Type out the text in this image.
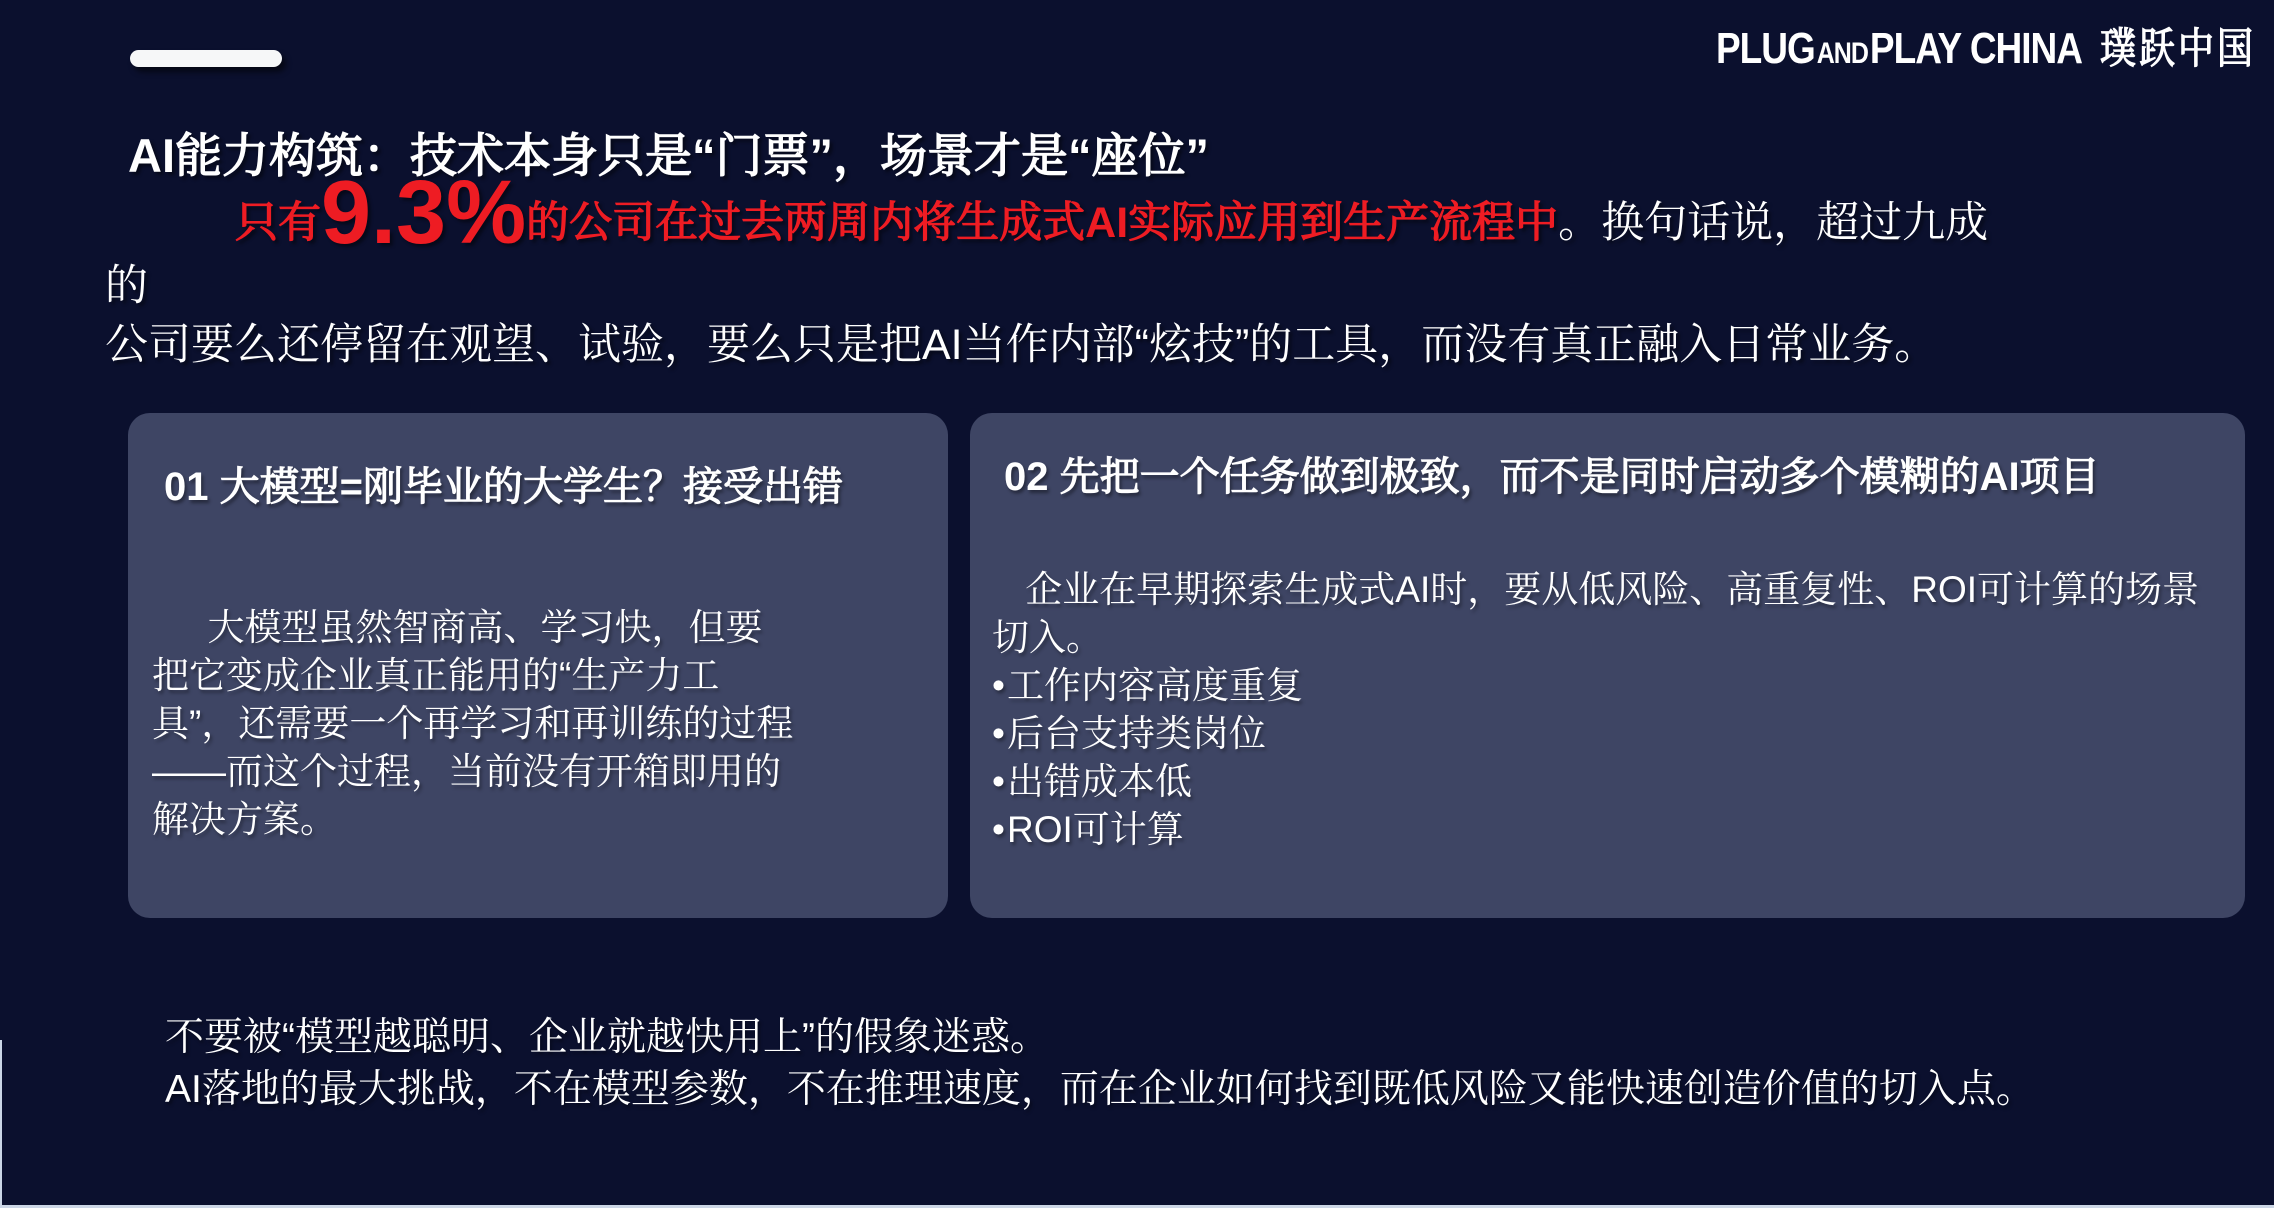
PLUG AND PLAY CHINA 璞跃中国
AI能力构筑：技术本身只是“门票”，场景才是“座位”
只有9.3%的公司在过去两周内将生成式AI实际应用到生产流程中。换句话说，超过九成的
公司要么还停留在观望、试验，要么只是把AI当作内部“炫技”的工具，而没有真正融入日常业务。
01 大模型=刚毕业的大学生？接受出错
大模型虽然智商高、学习快，但要把它变成企业真正能用的“生产力工具”，还需要一个再学习和再训练的过程——而这个过程，当前没有开箱即用的解决方案。
02 先把一个任务做到极致，而不是同时启动多个模糊的AI项目
企业在早期探索生成式AI时，要从低风险、高重复性、ROI可计算的场景切入。
•工作内容高度重复
•后台支持类岗位
•出错成本低
•ROI可计算
不要被“模型越聪明、企业就越快用上”的假象迷惑。
AI落地的最大挑战，不在模型参数，不在推理速度，而在企业如何找到既低风险又能快速创造价值的切入点。
